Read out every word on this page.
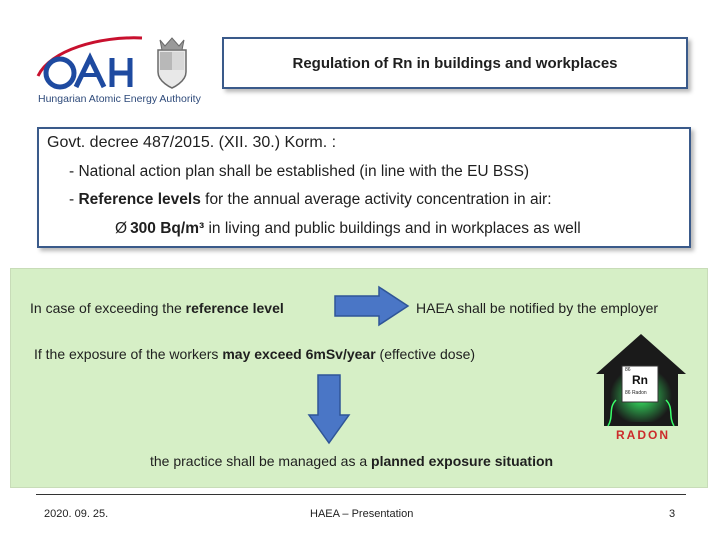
Hungarian Atomic Energy Authority
Regulation of Rn in buildings and workplaces
Govt. decree 487/2015. (XII. 30.) Korm. :
- National action plan shall be established (in line with the EU BSS)
- Reference levels for the annual average activity concentration in air:
Ø 300 Bq/m³ in living and public buildings and in workplaces as well
In case of exceeding the reference level	HAEA shall be notified by the employer
If the exposure of the workers may exceed 6mSv/year (effective dose)
the practice shall be managed as a planned exposure situation
86
Rn
86 Radon
RADON
2020. 09. 25.	HAEA – Presentation	3
